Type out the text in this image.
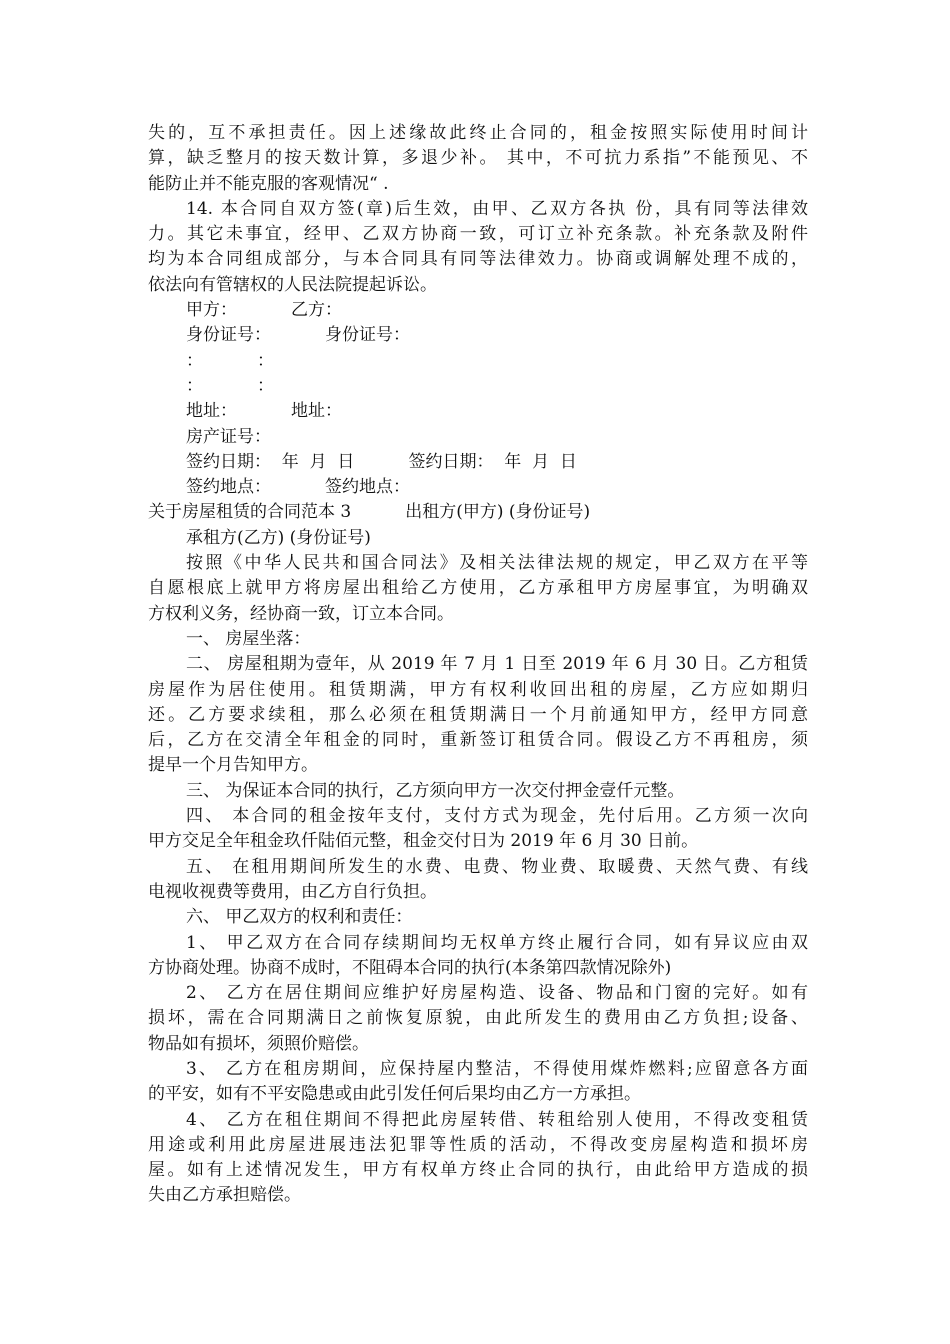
失的，互不承担责任。因上述缘故此终止合同的，租金按照实际使用时间计
算，缺乏整月的按天数计算，多退少补。 其中，不可抗力系指”不能预见、不
能防止并不能克服的客观情况“ .
14. 本合同自双方签(章)后生效，由甲、乙双方各执 份，具有同等法律效
力。其它未事宜，经甲、乙双方协商一致，可订立补充条款。补充条款及附件
均为本合同组成部分，与本合同具有同等法律效力。协商或调解处理不成的，
依法向有管辖权的人民法院提起诉讼。
甲方：          乙方：
身份证号：          身份证号：
：          ：
：          ：
地址：          地址：
房产证号：
签约日期：  年  月  日          签约日期：  年  月  日
签约地点：          签约地点：
关于房屋租赁的合同范本 3          出租方(甲方) (身份证号)
承租方(乙方) (身份证号)
按照《中华人民共和国合同法》及相关法律法规的规定，甲乙双方在平等
自愿根底上就甲方将房屋出租给乙方使用，乙方承租甲方房屋事宜，为明确双
方权利义务，经协商一致，订立本合同。
一、 房屋坐落：
二、 房屋租期为壹年，从 2019 年 7 月 1 日至 2019 年 6 月 30 日。乙方租赁
房屋作为居住使用。租赁期满，甲方有权利收回出租的房屋，乙方应如期归
还。乙方要求续租，那么必须在租赁期满日一个月前通知甲方，经甲方同意
后，乙方在交清全年租金的同时，重新签订租赁合同。假设乙方不再租房，须
提早一个月告知甲方。
三、 为保证本合同的执行，乙方须向甲方一次交付押金壹仟元整。
四、 本合同的租金按年支付，支付方式为现金，先付后用。乙方须一次向
甲方交足全年租金玖仟陆佰元整，租金交付日为 2019 年 6 月 30 日前。
五、 在租用期间所发生的水费、电费、物业费、取暖费、天然气费、有线
电视收视费等费用，由乙方自行负担。
六、 甲乙双方的权利和责任：
1、 甲乙双方在合同存续期间均无权单方终止履行合同，如有异议应由双
方协商处理。协商不成时，不阻碍本合同的执行(本条第四款情况除外)
2、 乙方在居住期间应维护好房屋构造、设备、物品和门窗的完好。如有
损坏，需在合同期满日之前恢复原貌，由此所发生的费用由乙方负担;设备、
物品如有损坏，须照价赔偿。
3、 乙方在租房期间，应保持屋内整洁，不得使用煤炸燃料;应留意各方面
的平安，如有不平安隐患或由此引发任何后果均由乙方一方承担。
4、 乙方在租住期间不得把此房屋转借、转租给别人使用，不得改变租赁
用途或利用此房屋进展违法犯罪等性质的活动，不得改变房屋构造和损坏房
屋。如有上述情况发生，甲方有权单方终止合同的执行，由此给甲方造成的损
失由乙方承担赔偿。
